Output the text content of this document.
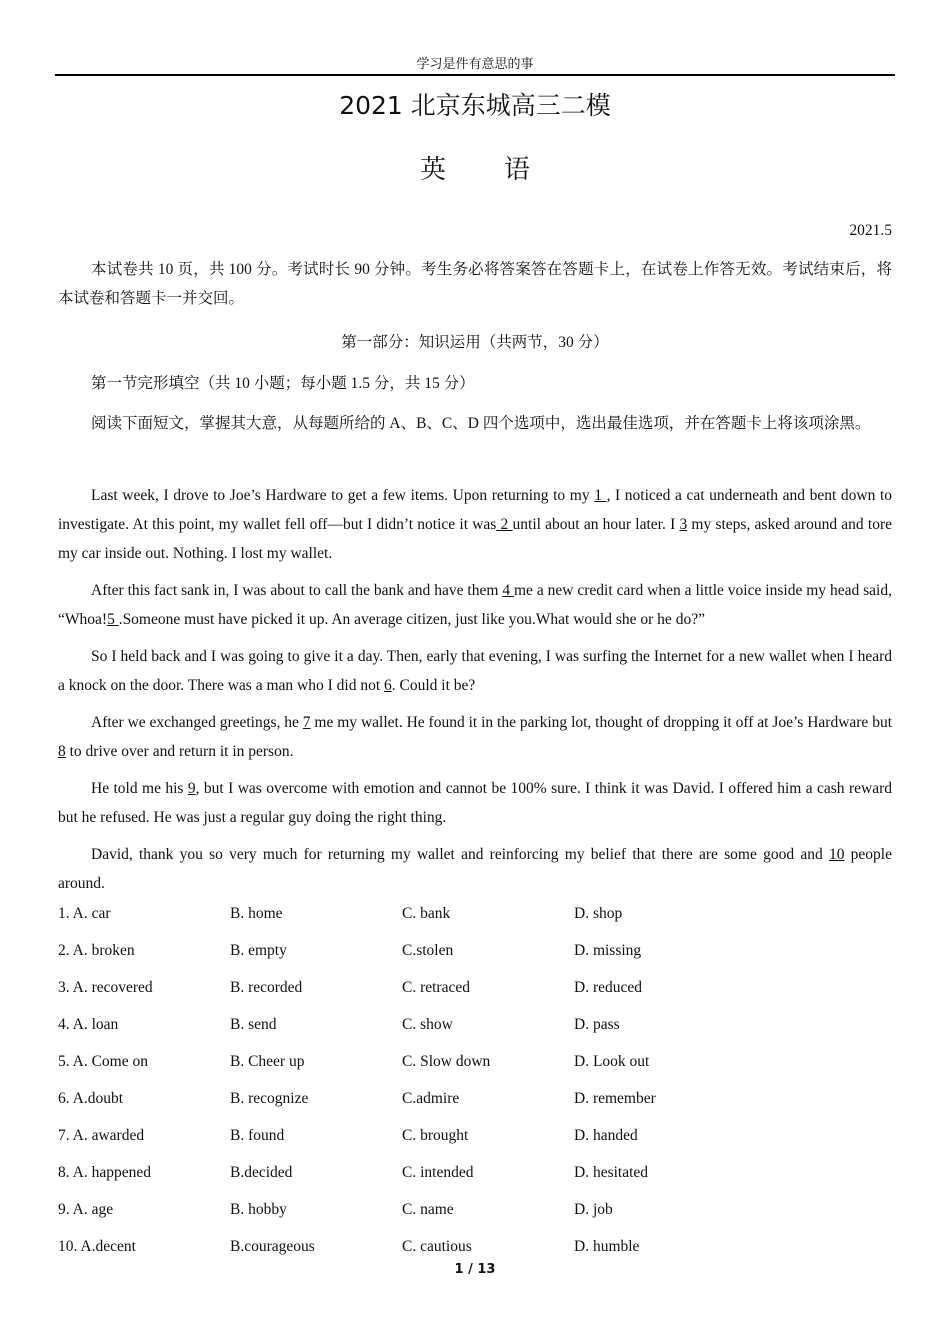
学习是件有意思的事
2021 北京东城高三二模
英语
2021.5

本试卷共 10 页，共 100 分。考试时长 90 分钟。考生务必将答案答在答题卡上，在试卷上作答无效。考试结束后，将本试卷和答题卡一并交回。

第一部分：知识运用（共两节，30 分）

第一节完形填空（共 10 小题；每小题 1.5 分，共 15 分）

阅读下面短文，掌握其大意，从每题所给的 A、B、C、D 四个选项中，选出最佳选项，并在答题卡上将该项涂黑。

Last week, I drove to Joe’s Hardware to get a few items. Upon returning to my 1 , I noticed a cat underneath and bent down to investigate. At this point, my wallet fell off—but I didn’t notice it was 2 until about an hour later. I 3 my steps, asked around and tore my car inside out. Nothing. I lost my wallet.

After this fact sank in, I was about to call the bank and have them 4 me a new credit card when a little voice inside my head said, “Whoa!5 .Someone must have picked it up. An average citizen, just like you.What would she or he do?”

So I held back and I was going to give it a day. Then, early that evening, I was surfing the Internet for a new wallet when I heard a knock on the door. There was a man who I did not 6. Could it be?

After we exchanged greetings, he 7 me my wallet. He found it in the parking lot, thought of dropping it off at Joe’s Hardware but 8 to drive over and return it in person.

He told me his 9, but I was overcome with emotion and cannot be 100% sure. I think it was David. I offered him a cash reward but he refused. He was just a regular guy doing the right thing.

David, thank you so very much for returning my wallet and reinforcing my belief that there are some good and 10 people around.

1. A. car	B. home	C. bank	D. shop
2. A. broken	B. empty	C.stolen	D. missing
3. A. recovered	B. recorded	C. retraced	D. reduced
4. A. loan	B. send	C. show	D. pass
5. A. Come on	B. Cheer up	C. Slow down	D. Look out
6. A.doubt	B. recognize	C.admire	D. remember
7. A. awarded	B. found	C. brought	D. handed
8. A. happened	B.decided	C. intended	D. hesitated
9. A. age	B. hobby	C. name	D. job
10. A.decent	B.courageous	C. cautious	D. humble
1 / 13
